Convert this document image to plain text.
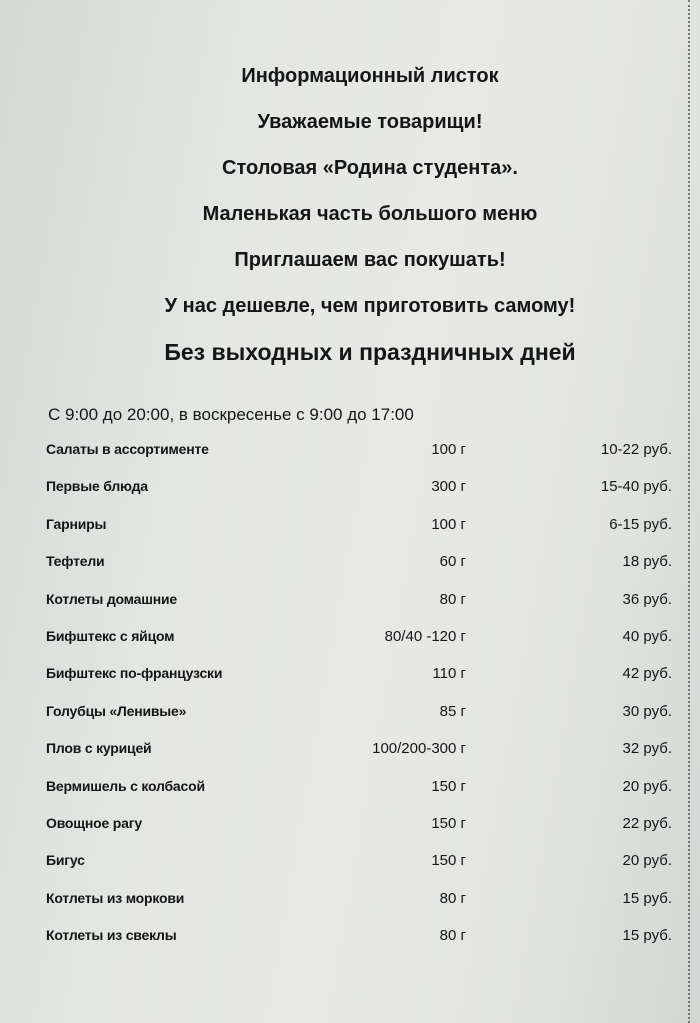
Информационный листок
Уважаемые товарищи!
Столовая «Родина студента».
Маленькая часть большого меню
Приглашаем вас покушать!
У нас дешевле, чем приготовить самому!
Без выходных и праздничных дней
С 9:00 до 20:00, в воскресенье с 9:00 до 17:00
Салаты в ассортименте	100 г	10-22 руб.
Первые блюда	300 г	15-40 руб.
Гарниры	100 г	6-15 руб.
Тефтели	60 г	18 руб.
Котлеты домашние	80 г	36 руб.
Бифштекс с яйцом	80/40 -120 г	40 руб.
Бифштекс по-французски	110 г	42 руб.
Голубцы «Ленивые»	85 г	30 руб.
Плов с курицей	100/200-300 г	32 руб.
Вермишель с колбасой	150 г	20 руб.
Овощное рагу	150 г	22 руб.
Бигус	150 г	20 руб.
Котлеты из моркови	80 г	15 руб.
Котлеты из свеклы	80 г	15 руб.
